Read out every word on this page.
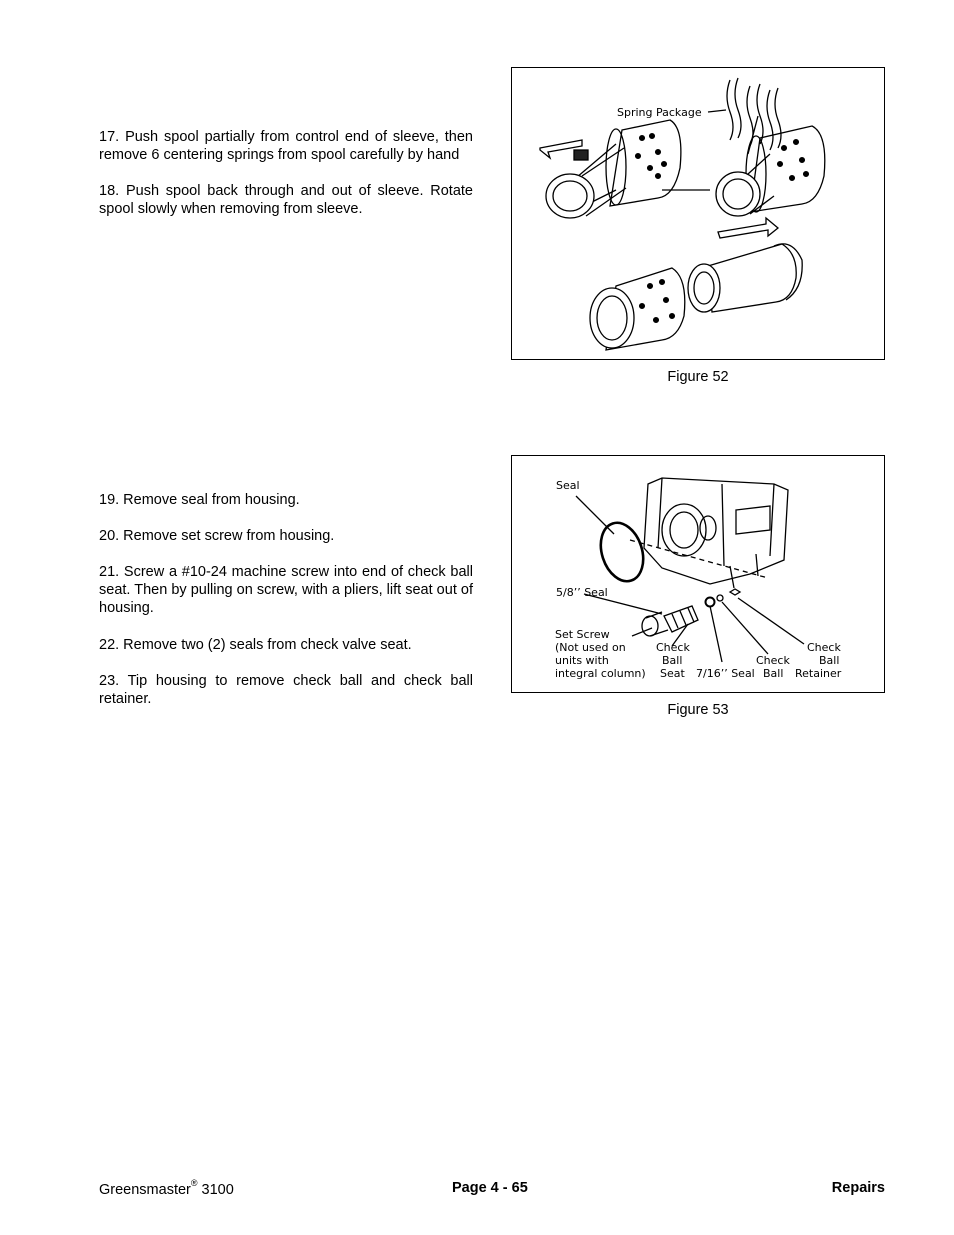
17. Push spool partially from control end of sleeve, then remove 6 centering springs from spool carefully by hand

18. Push spool back through and out of sleeve. Rotate spool slowly when removing from sleeve.

Spring Package
Figure 52

19. Remove seal from housing.

20. Remove set screw from housing.

21. Screw a #10-24 machine screw into end of check ball seat. Then by pulling on screw, with a pliers, lift seat out of housing.

22. Remove two (2) seals from check valve seat.

23. Tip housing to remove check ball and check ball retainer.

Seal
5/8’’ Seal
Set Screw
(Not used on
units with
integral column)
Check
Ball
Seat 7/16’’ Seal
Check
Ball
Check
Ball
Retainer
Figure 53
Greensmaster® 3100	Page 4 - 65	Repairs
